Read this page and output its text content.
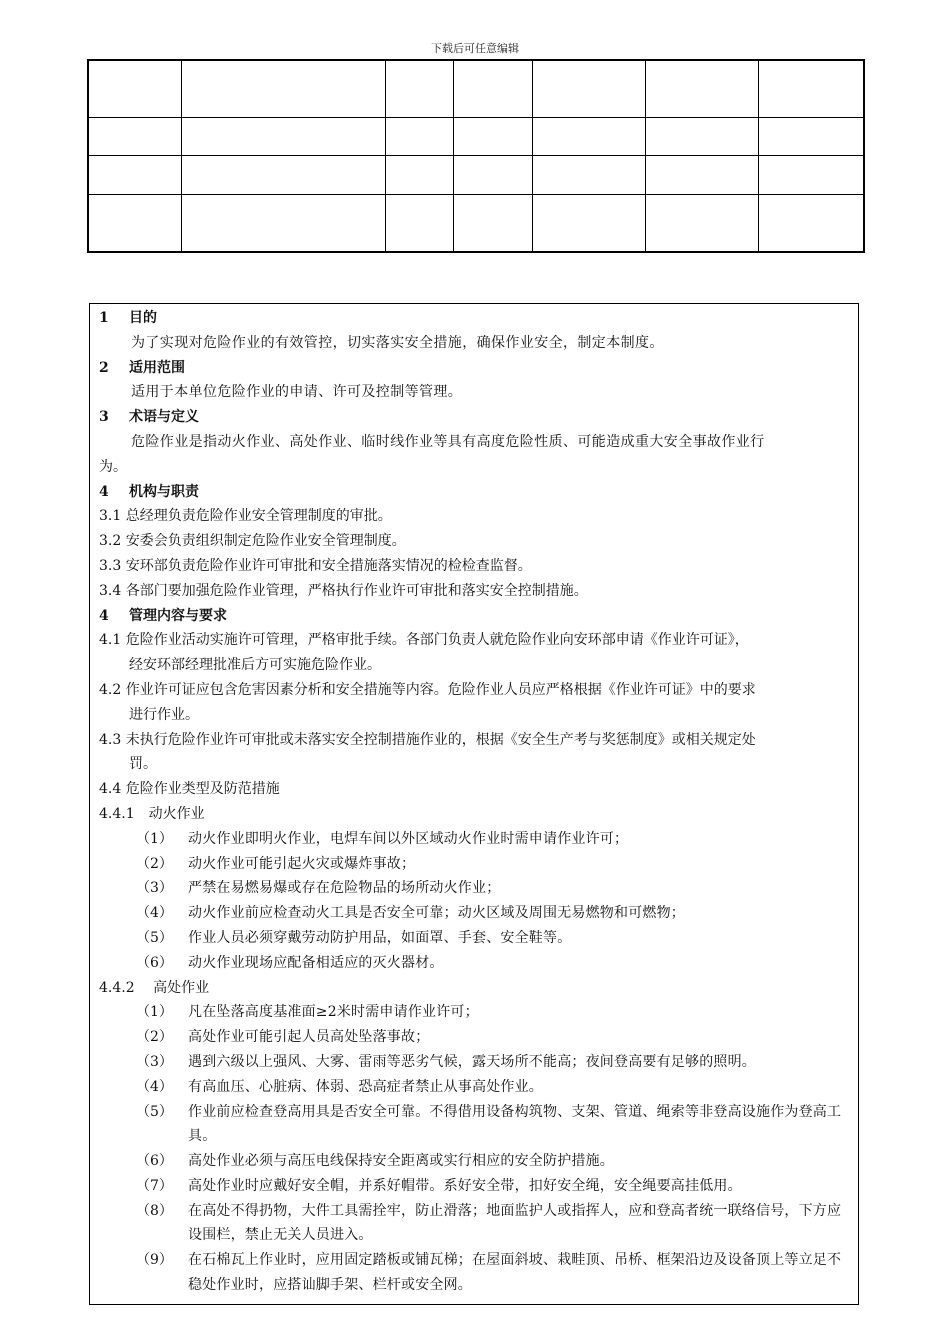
下载后可任意编辑

1 目的
为了实现对危险作业的有效管控，切实落实安全措施，确保作业安全，制定本制度。
2 适用范围
适用于本单位危险作业的申请、许可及控制等管理。
3 术语与定义
危险作业是指动火作业、高处作业、临时线作业等具有高度危险性质、可能造成重大安全事故作业行
为。
4 机构与职责
3.1 总经理负责危险作业安全管理制度的审批。
3.2 安委会负责组织制定危险作业安全管理制度。
3.3 安环部负责危险作业许可审批和安全措施落实情况的检检查监督。
3.4 各部门要加强危险作业管理，严格执行作业许可审批和落实安全控制措施。
4 管理内容与要求
4.1 危险作业活动实施许可管理，严格审批手续。各部门负责人就危险作业向安环部申请《作业许可证》，
经安环部经理批准后方可实施危险作业。
4.2 作业许可证应包含危害因素分析和安全措施等内容。危险作业人员应严格根据《作业许可证》中的要求
进行作业。
4.3 未执行危险作业许可审批或未落实安全控制措施作业的，根据《安全生产考与奖惩制度》或相关规定处
罚。
4.4 危险作业类型及防范措施
4.4.1　动火作业
（1） 动火作业即明火作业，电焊车间以外区域动火作业时需申请作业许可；
（2） 动火作业可能引起火灾或爆炸事故；
（3） 严禁在易燃易爆或存在危险物品的场所动火作业；
（4） 动火作业前应检查动火工具是否安全可靠；动火区域及周围无易燃物和可燃物；
（5） 作业人员必须穿戴劳动防护用品，如面罩、手套、安全鞋等。
（6） 动火作业现场应配备相适应的灭火器材。
4.4.2　 高处作业
（1） 凡在坠落高度基准面≥2米时需申请作业许可；
（2） 高处作业可能引起人员高处坠落事故；
（3） 遇到六级以上强风、大雾、雷雨等恶劣气候，露天场所不能高；夜间登高要有足够的照明。
（4） 有高血压、心脏病、体弱、恐高症者禁止从事高处作业。
（5） 作业前应检查登高用具是否安全可靠。不得借用设备构筑物、支架、管道、绳索等非登高设施作为登高工具。
（6） 高处作业必须与高压电线保持安全距离或实行相应的安全防护措施。
（7） 高处作业时应戴好安全帽，并系好帽带。系好安全带，扣好安全绳，安全绳要高挂低用。
（8） 在高处不得扔物，大件工具需拴牢，防止滑落；地面监护人或指挥人，应和登高者统一联络信号，下方应设围栏，禁止无关人员进入。
（9） 在石棉瓦上作业时，应用固定踏板或铺瓦梯；在屋面斜坡、栽畦顶、吊桥、框架沿边及设备顶上等立足不稳处作业时，应搭讪脚手架、栏杆或安全网。
